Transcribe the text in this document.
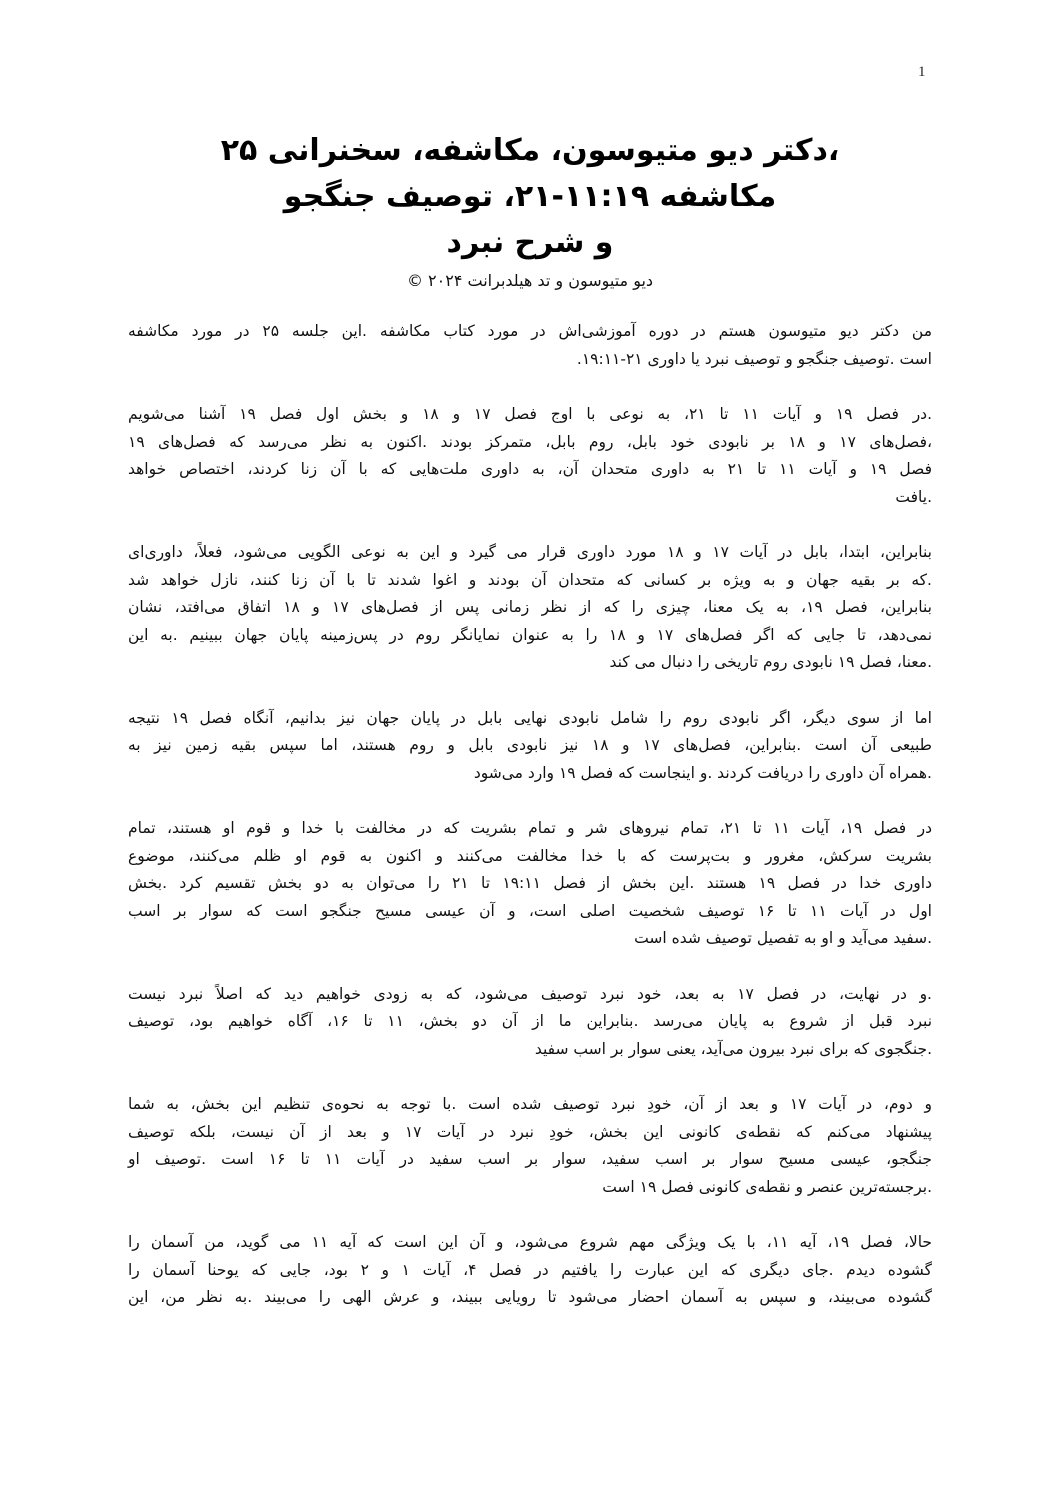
1
،دکتر دیو متیوسون، مکاشفه، سخنرانی ۲۵
مکاشفه ۱۱:۱۹-۲۱، توصیف جنگجو
و شرح نبرد
دیو متیوسون و تد هیلدبرانت ۲۰۲۴ ©

من دکتر دیو متیوسون هستم در دوره آموزشی‌اش در مورد کتاب مکاشفه .این جلسه ۲۵ در مورد مکاشفه
است .توصیف جنگجو و توصیف نبرد یا داوری ۲۱-۱۹:۱۱.

.در فصل ۱۹ و آیات ۱۱ تا ۲۱، به نوعی با اوج فصل ۱۷ و ۱۸ و بخش اول فصل ۱۹ آشنا می‌شویم
،فصل‌های ۱۷ و ۱۸ بر نابودی خود بابل، روم بابل، متمرکز بودند .اکنون به نظر می‌رسد که فصل‌های ۱۹
فصل ۱۹ و آیات ۱۱ تا ۲۱ به داوری متحدان آن، به داوری ملت‌هایی که با آن زنا کردند، اختصاص خواهد
.یافت

بنابراین، ابتدا، بابل در آیات ۱۷ و ۱۸ مورد داوری قرار می گیرد و این به نوعی الگویی می‌شود، فعلاً، داوری‌ای
.که بر بقیه جهان و به ویژه بر کسانی که متحدان آن بودند و اغوا شدند تا با آن زنا کنند، نازل خواهد شد
بنابراین، فصل ۱۹، به یک معنا، چیزی را که از نظر زمانی پس از فصل‌های ۱۷ و ۱۸ اتفاق می‌افتد، نشان
نمی‌دهد، تا جایی که اگر فصل‌های ۱۷ و ۱۸ را به عنوان نمایانگر روم در پس‌زمینه پایان جهان ببینیم .به این
.معنا، فصل ۱۹ نابودی روم تاریخی را دنبال می کند

اما از سوی دیگر، اگر نابودی روم را شامل نابودی نهایی بابل در پایان جهان نیز بدانیم، آنگاه فصل ۱۹ نتیجه
طبیعی آن است .بنابراین، فصل‌های ۱۷ و ۱۸ نیز نابودی بابل و روم هستند، اما سپس بقیه زمین نیز به
.همراه آن داوری را دریافت کردند .و اینجاست که فصل ۱۹ وارد می‌شود

در فصل ۱۹، آیات ۱۱ تا ۲۱، تمام نیروهای شر و تمام بشریت که در مخالفت با خدا و قوم او هستند، تمام
بشریت سرکش، مغرور و بت‌پرست که با خدا مخالفت می‌کنند و اکنون به قوم او ظلم می‌کنند، موضوع
داوری خدا در فصل ۱۹ هستند .این بخش از فصل ۱۹:۱۱ تا ۲۱ را می‌توان به دو بخش تقسیم کرد .بخش
اول در آیات ۱۱ تا ۱۶ توصیف شخصیت اصلی است، و آن عیسی مسیح جنگجو است که سوار بر اسب
.سفید می‌آید و او به تفصیل توصیف شده است

.و در نهایت، در فصل ۱۷ به بعد، خود نبرد توصیف می‌شود، که به زودی خواهیم دید که اصلاً نبرد نیست
نبرد قبل از شروع به پایان می‌رسد .بنابراین ما از آن دو بخش، ۱۱ تا ۱۶، آگاه خواهیم بود، توصیف
.جنگجوی که برای نبرد بیرون می‌آید، یعنی سوار بر اسب سفید

و دوم، در آیات ۱۷ و بعد از آن، خودِ نبرد توصیف شده است .با توجه به نحوه‌ی تنظیم این بخش، به شما
پیشنهاد می‌کنم که نقطه‌ی کانونی این بخش، خودِ نبرد در آیات ۱۷ و بعد از آن نیست، بلکه توصیف
جنگجو، عیسی مسیح سوار بر اسب سفید، سوار بر اسب سفید در آیات ۱۱ تا ۱۶ است .توصیف او
.برجسته‌ترین عنصر و نقطه‌ی کانونی فصل ۱۹ است

حالا، فصل ۱۹، آیه ۱۱، با یک ویژگی مهم شروع می‌شود، و آن این است که آیه ۱۱ می گوید، من آسمان را
گشوده دیدم .جای دیگری که این عبارت را یافتیم در فصل ۴، آیات ۱ و ۲ بود، جایی که یوحنا آسمان را
گشوده می‌بیند، و سپس به آسمان احضار می‌شود تا رویایی ببیند، و عرش الهی را می‌بیند .به نظر من، این
